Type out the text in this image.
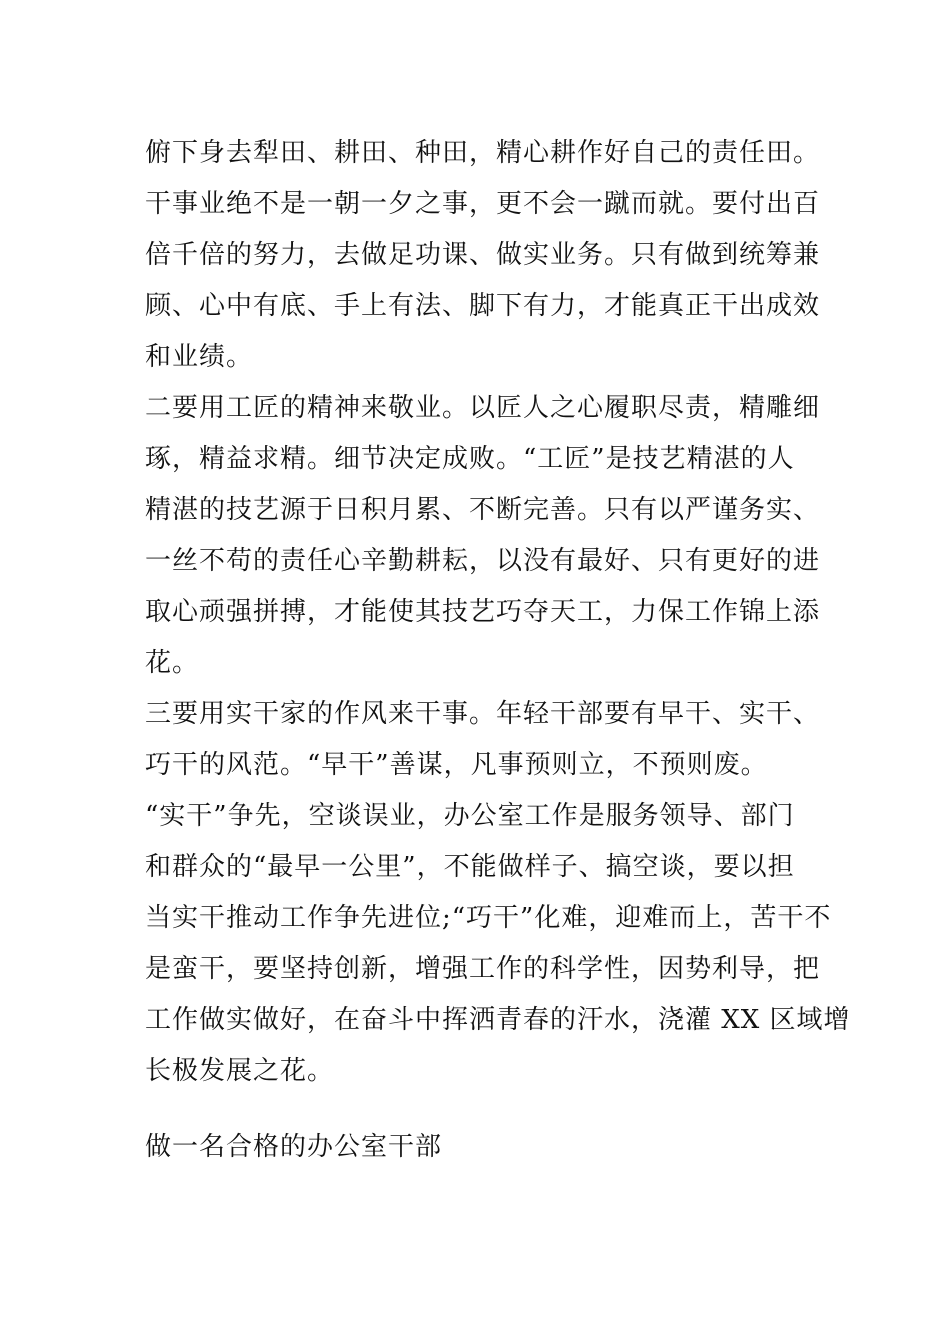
俯下身去犁田、耕田、种田，精心耕作好自己的责任田。
干事业绝不是一朝一夕之事，更不会一蹴而就。要付出百
倍千倍的努力，去做足功课、做实业务。只有做到统筹兼
顾、心中有底、手上有法、脚下有力，才能真正干出成效
和业绩。
二要用工匠的精神来敬业。以匠人之心履职尽责，精雕细
琢，精益求精。细节决定成败。“工匠”是技艺精湛的人
精湛的技艺源于日积月累、不断完善。只有以严谨务实、
一丝不苟的责任心辛勤耕耘，以没有最好、只有更好的进
取心顽强拼搏，才能使其技艺巧夺天工，力保工作锦上添
花。
三要用实干家的作风来干事。年轻干部要有早干、实干、
巧干的风范。“早干”善谋，凡事预则立，不预则废。
“实干”争先，空谈误业，办公室工作是服务领导、部门
和群众的“最早一公里”，不能做样子、搞空谈，要以担
当实干推动工作争先进位;“巧干”化难，迎难而上，苦干不
是蛮干，要坚持创新，增强工作的科学性，因势利导，把
工作做实做好，在奋斗中挥洒青春的汗水，浇灌 XX 区域增
长极发展之花。
做一名合格的办公室干部
